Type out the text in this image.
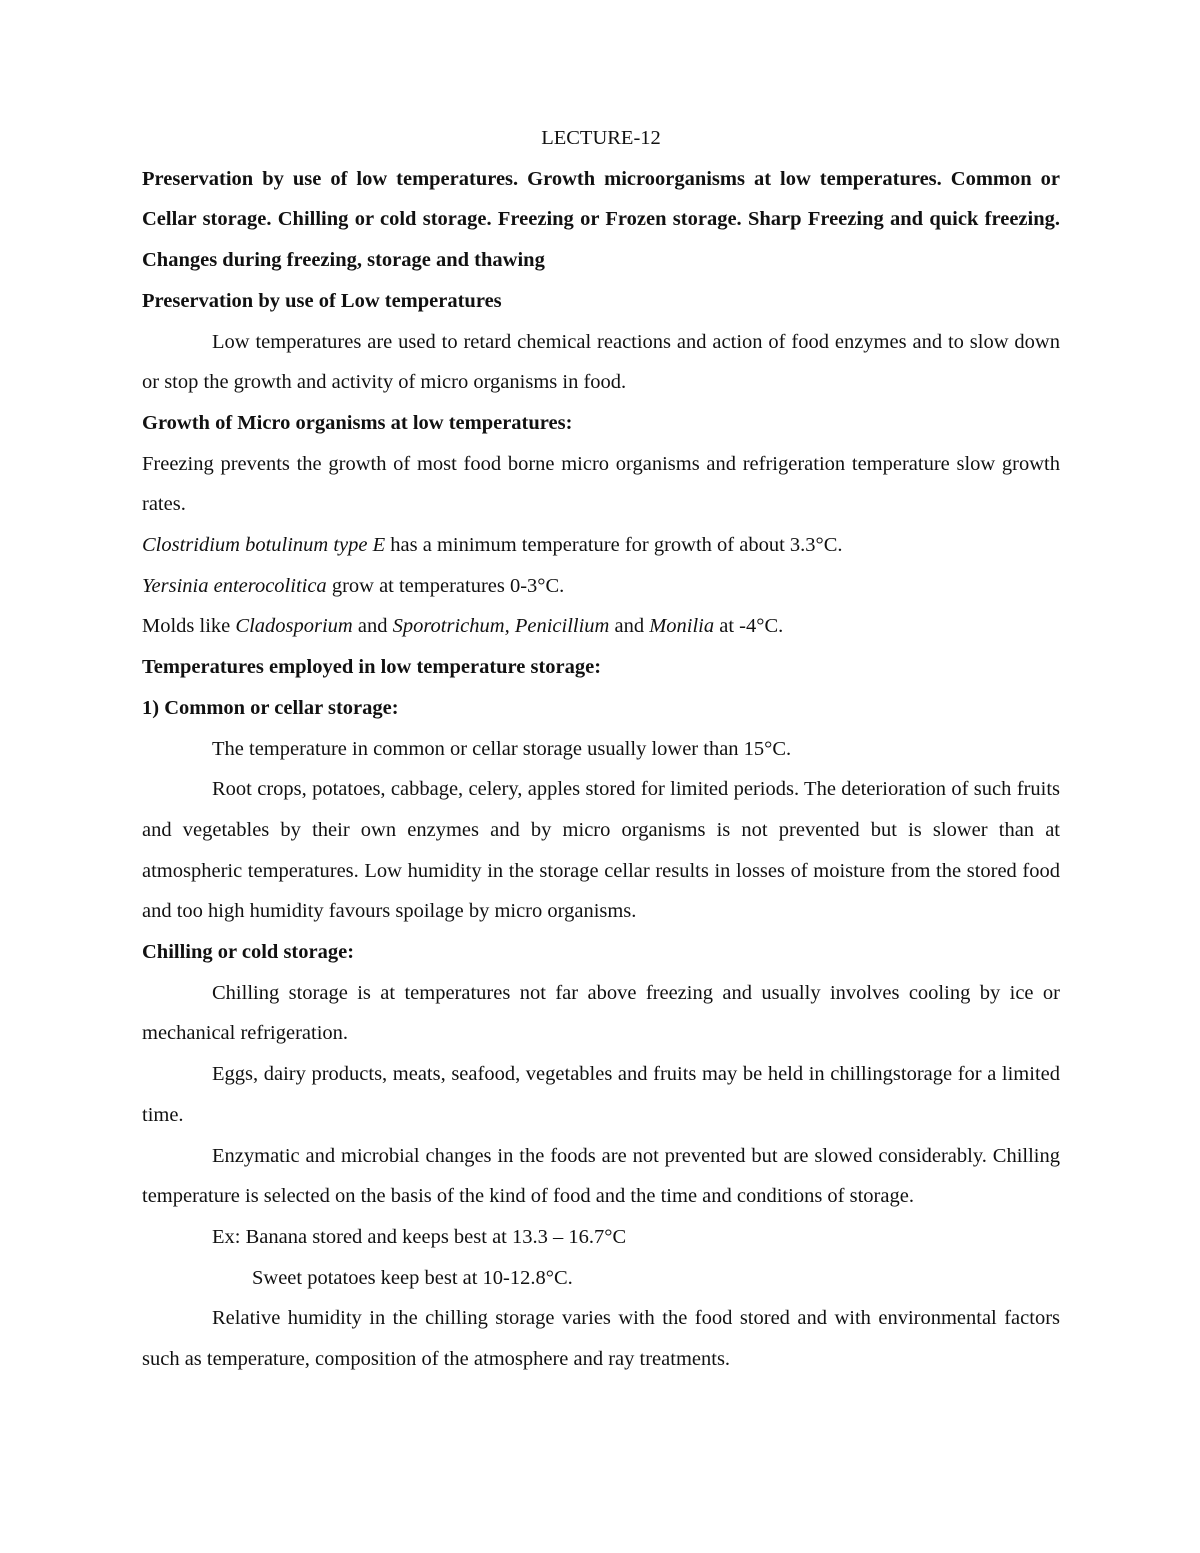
LECTURE-12

Preservation by use of low temperatures. Growth microorganisms at low temperatures. Common or Cellar storage. Chilling or cold storage. Freezing or Frozen storage. Sharp Freezing and quick freezing. Changes during freezing, storage and thawing

Preservation by use of Low temperatures

Low temperatures are used to retard chemical reactions and action of food enzymes and to slow down or stop the growth and activity of micro organisms in food.

Growth of Micro organisms at low temperatures:

Freezing prevents the growth of most food borne micro organisms and refrigeration temperature slow growth rates.

Clostridium botulinum type E has a minimum temperature for growth of about 3.3°C.

Yersinia enterocolitica grow at temperatures 0-3°C.

Molds like Cladosporium and Sporotrichum, Penicillium and Monilia at -4°C.

Temperatures employed in low temperature storage:

1) Common or cellar storage:

The temperature in common or cellar storage usually lower than 15°C.

Root crops, potatoes, cabbage, celery, apples stored for limited periods. The deterioration of such fruits and vegetables by their own enzymes and by micro organisms is not prevented but is slower than at atmospheric temperatures. Low humidity in the storage cellar results in losses of moisture from the stored food and too high humidity favours spoilage by micro organisms.

Chilling or cold storage:

Chilling storage is at temperatures not far above freezing and usually involves cooling by ice or mechanical refrigeration.

Eggs, dairy products, meats, seafood, vegetables and fruits may be held in chillingstorage for a limited time.

Enzymatic and microbial changes in the foods are not prevented but are slowed considerably. Chilling temperature is selected on the basis of the kind of food and the time and conditions of storage.

Ex: Banana stored and keeps best at 13.3 – 16.7°C

Sweet potatoes keep best at 10-12.8°C.

Relative humidity in the chilling storage varies with the food stored and with environmental factors such as temperature, composition of the atmosphere and ray treatments.
